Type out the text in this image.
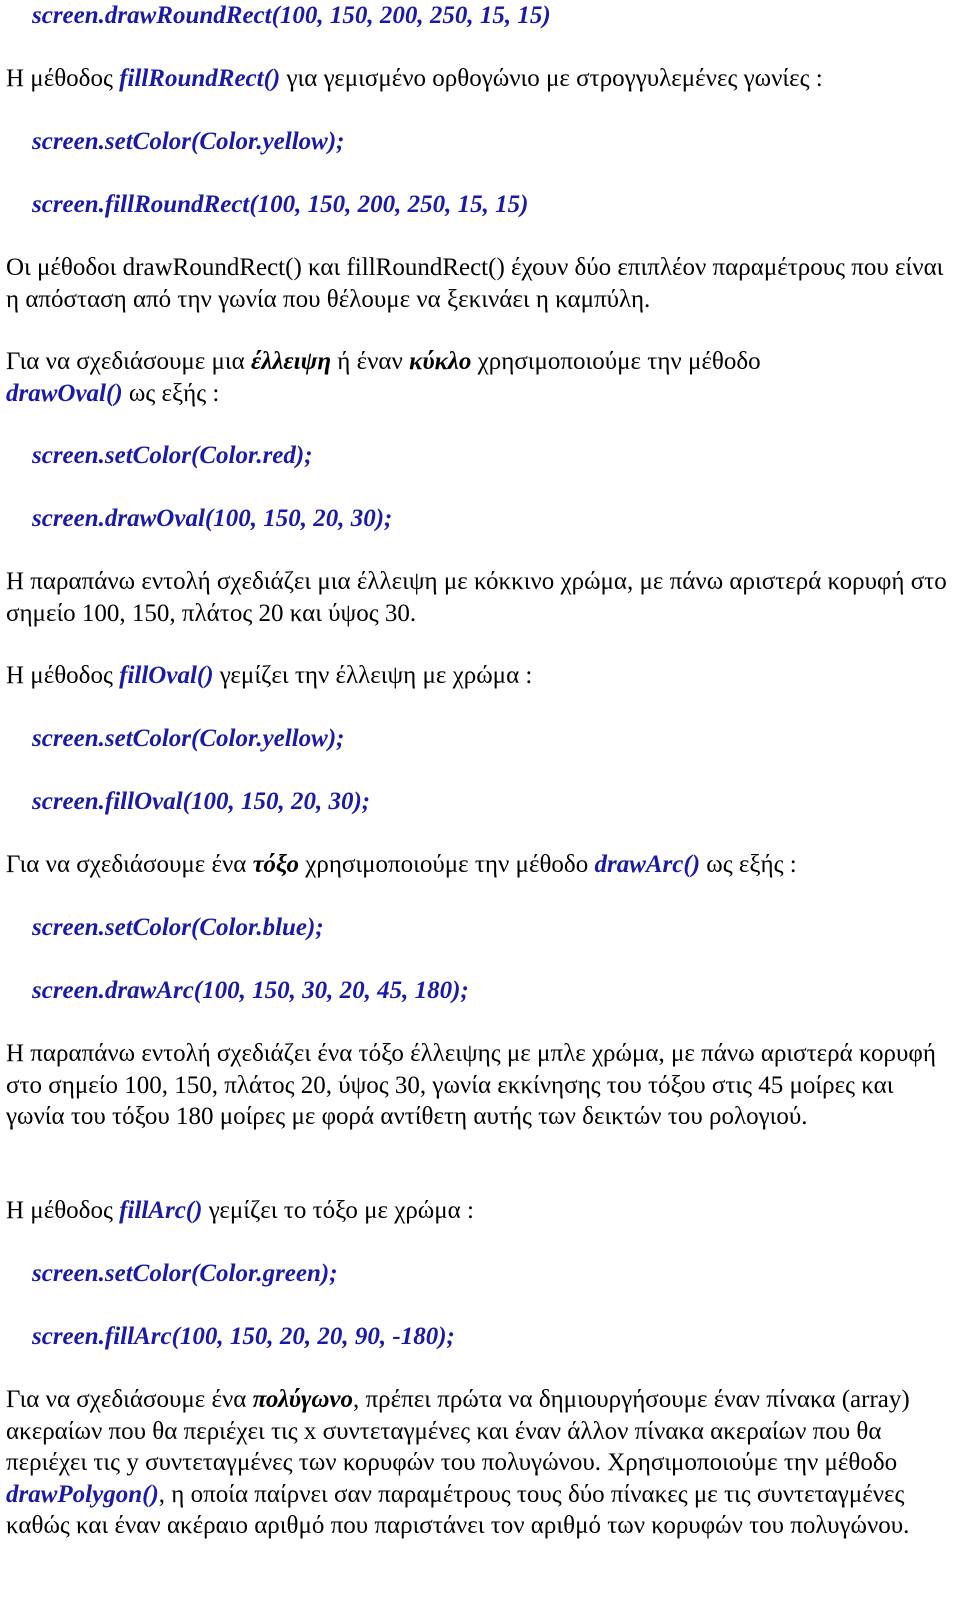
screen.drawRoundRect(100, 150, 200, 250, 15, 15)

Η μέθοδος fillRoundRect() για γεμισμένο ορθογώνιο με στρογγυλεμένες γωνίες :

screen.setColor(Color.yellow);
screen.fillRoundRect(100, 150, 200, 250, 15, 15)

Οι μέθοδοι drawRoundRect() και fillRoundRect() έχουν δύο επιπλέον παραμέτρους που είναι η απόσταση από την γωνία που θέλουμε να ξεκινάει η καμπύλη.

Για να σχεδιάσουμε μια έλλειψη ή έναν κύκλο χρησιμοποιούμε την μέθοδο
drawOval() ως εξής :

screen.setColor(Color.red);
screen.drawOval(100, 150, 20, 30);

Η παραπάνω εντολή σχεδιάζει μια έλλειψη με κόκκινο χρώμα, με πάνω αριστερά κορυφή στο σημείο 100, 150, πλάτος 20 και ύψος 30.

Η μέθοδος fillOval() γεμίζει την έλλειψη με χρώμα :

screen.setColor(Color.yellow);
screen.fillOval(100, 150, 20, 30);

Για να σχεδιάσουμε ένα τόξο χρησιμοποιούμε την μέθοδο drawArc() ως εξής :

screen.setColor(Color.blue);
screen.drawArc(100, 150, 30, 20, 45, 180);

Η παραπάνω εντολή σχεδιάζει ένα τόξο έλλειψης με μπλε χρώμα, με πάνω αριστερά κορυφή στο σημείο 100, 150, πλάτος 20, ύψος 30, γωνία εκκίνησης του τόξου στις 45 μοίρες και γωνία του τόξου 180 μοίρες με φορά αντίθετη αυτής των δεικτών του ρολογιού.

Η μέθοδος fillArc() γεμίζει το τόξο με χρώμα :

screen.setColor(Color.green);
screen.fillArc(100, 150, 20, 20, 90, -180);

Για να σχεδιάσουμε ένα πολύγωνο, πρέπει πρώτα να δημιουργήσουμε έναν πίνακα (array) ακεραίων που θα περιέχει τις x συντεταγμένες και έναν άλλον πίνακα ακεραίων που θα περιέχει τις y συντεταγμένες των κορυφών του πολυγώνου. Χρησιμοποιούμε την μέθοδο drawPolygon(), η οποία παίρνει σαν παραμέτρους τους δύο πίνακες με τις συντεταγμένες καθώς και έναν ακέραιο αριθμό που παριστάνει τον αριθμό των κορυφών του πολυγώνου.
